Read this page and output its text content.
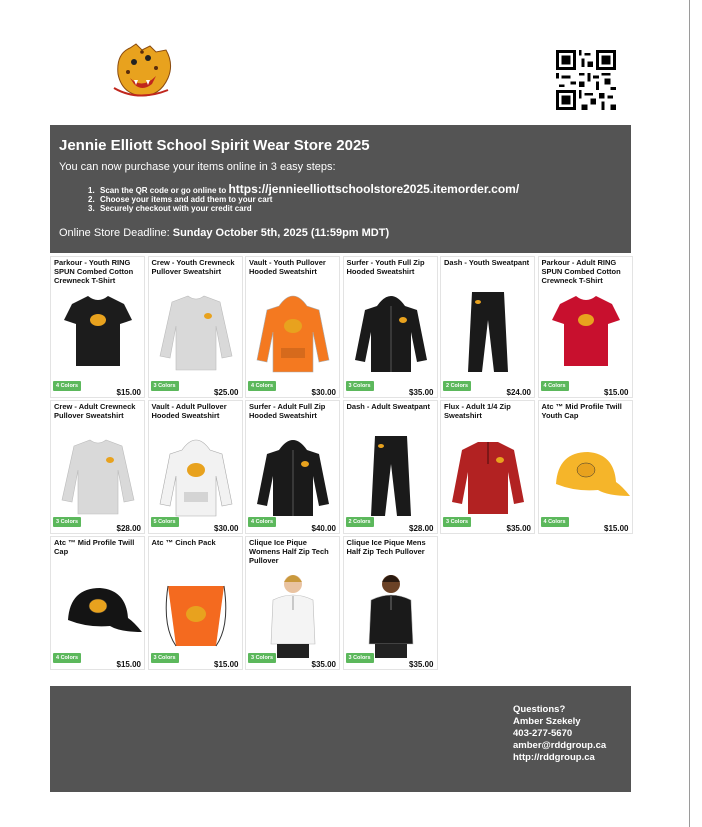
Jennie Elliott School Spirit Wear Store 2025
You can now purchase your items online in 3 easy steps:
1. Scan the QR code or go online to https://jennieelliottschoolstore2025.itemorder.com/
2. Choose your items and add them to your cart
3. Securely checkout with your credit card
Online Store Deadline: Sunday October 5th, 2025 (11:59pm MDT)
Parkour - Youth RING SPUN Combed Cotton Crewneck T-Shirt
4 Colors
$15.00
Crew - Youth Crewneck Pullover Sweatshirt
3 Colors
$25.00
Vault - Youth Pullover Hooded Sweatshirt
4 Colors
$30.00
Surfer - Youth Full Zip Hooded Sweatshirt
3 Colors
$35.00
Dash - Youth Sweatpant
2 Colors
$24.00
Parkour - Adult RING SPUN Combed Cotton Crewneck T-Shirt
4 Colors
$15.00
Crew - Adult Crewneck Pullover Sweatshirt
3 Colors
$28.00
Vault - Adult Pullover Hooded Sweatshirt
5 Colors
$30.00
Surfer - Adult Full Zip Hooded Sweatshirt
4 Colors
$40.00
Dash - Adult Sweatpant
2 Colors
$28.00
Flux - Adult 1/4 Zip Sweatshirt
3 Colors
$35.00
Atc ™ Mid Profile Twill Youth Cap
4 Colors
$15.00
Atc ™ Mid Profile Twill Cap
4 Colors
$15.00
Atc ™ Cinch Pack
3 Colors
$15.00
Clique Ice Pique Womens Half Zip Tech Pullover
3 Colors
$35.00
Clique Ice Pique Mens Half Zip Tech Pullover
3 Colors
$35.00
Questions?
Amber Szekely
403-277-5670
amber@rddgroup.ca
http://rddgroup.ca
